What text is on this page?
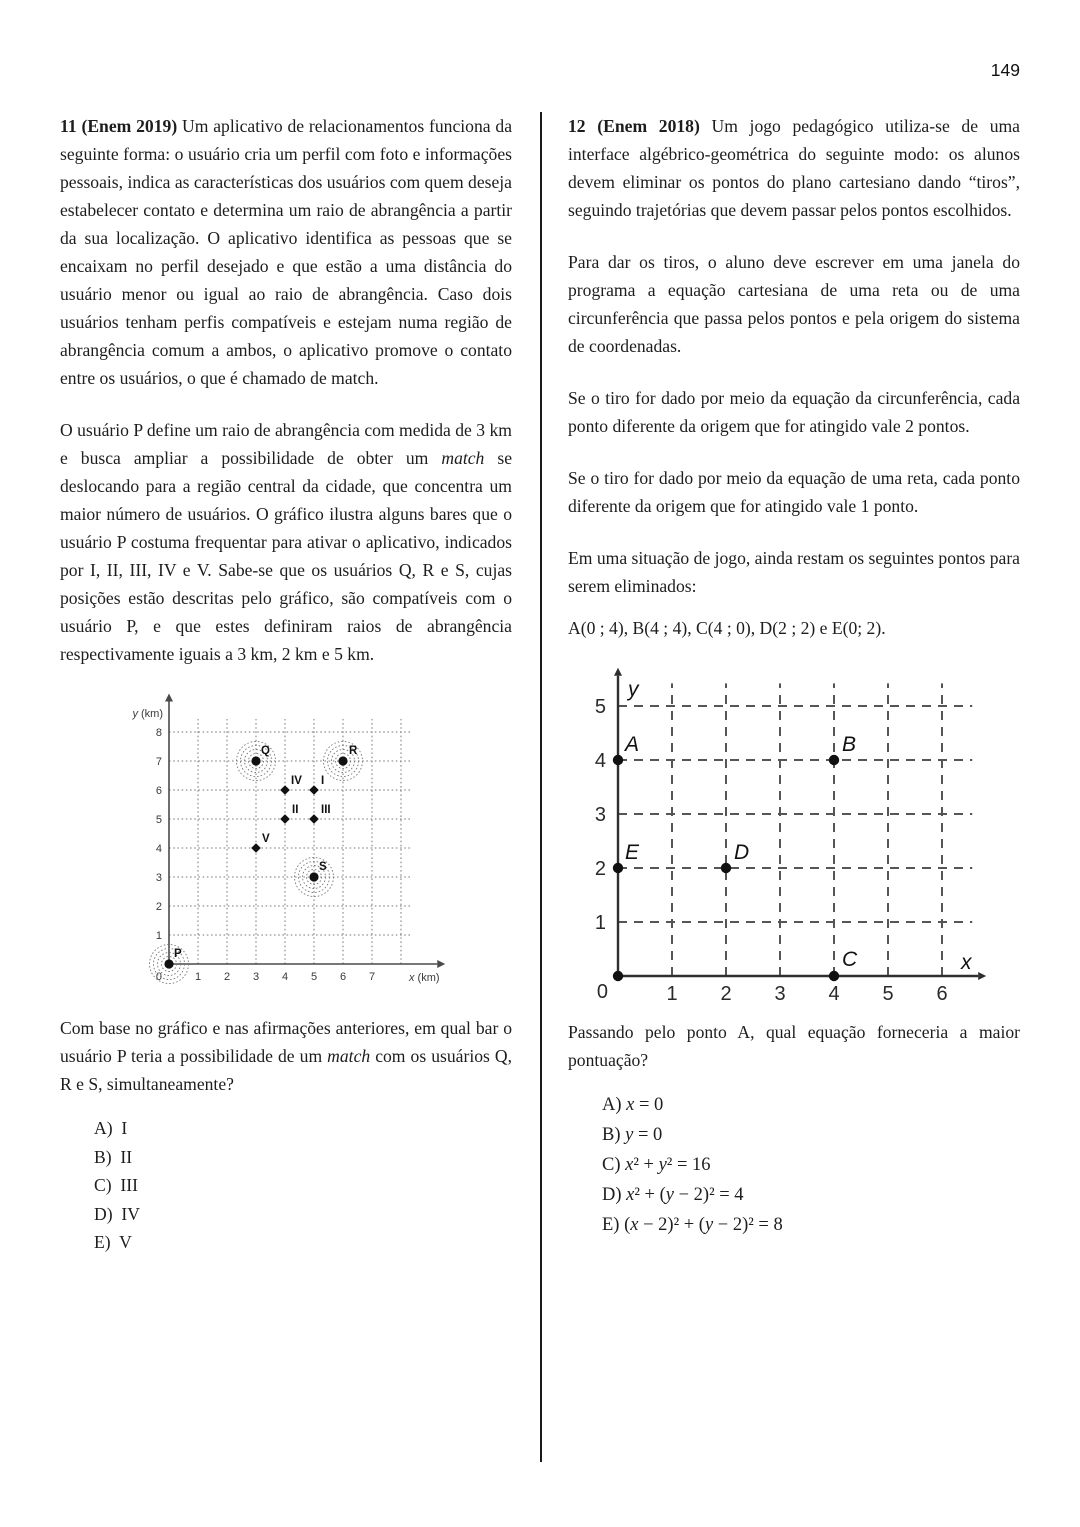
149

11 (Enem 2019) Um aplicativo de relacionamentos funciona da seguinte forma: o usuário cria um perfil com foto e informações pessoais, indica as características dos usuários com quem deseja estabelecer contato e determina um raio de abrangência a partir da sua localização. O aplicativo identifica as pessoas que se encaixam no perfil desejado e que estão a uma distância do usuário menor ou igual ao raio de abrangência. Caso dois usuários tenham perfis compatíveis e estejam numa região de abrangência comum a ambos, o aplicativo promove o contato entre os usuários, o que é chamado de match.

O usuário P define um raio de abrangência com medida de 3 km e busca ampliar a possibilidade de obter um match se deslocando para a região central da cidade, que concentra um maior número de usuários. O gráfico ilustra alguns bares que o usuário P costuma frequentar para ativar o aplicativo, indicados por I, II, III, IV e V. Sabe-se que os usuários Q, R e S, cujas posições estão descritas pelo gráfico, são compatíveis com o usuário P, e que estes definiram raios de abrangência respectivamente iguais a 3 km, 2 km e 5 km.

1 2 3 4 5 6 7
1
2
3
4
5
6
7
8
0	x (km)
y (km)
P
Q	R
S
I
II III
IV
V

Com base no gráfico e nas afirmações anteriores, em qual bar o usuário P teria a possibilidade de um match com os usuários Q, R e S, simultaneamente?

A)  I
B)  II
C)  III
D)  IV
E)  V

12 (Enem 2018) Um jogo pedagógico utiliza-se de uma interface algébrico-geométrica do seguinte modo: os alunos devem eliminar os pontos do plano cartesiano dando “tiros”, seguindo trajetórias que devem passar pelos pontos escolhidos.

Para dar os tiros, o aluno deve escrever em uma janela do programa a equação cartesiana de uma reta ou de uma circunferência que passa pelos pontos e pela origem do sistema de coordenadas.

Se o tiro for dado por meio da equação da circunferência, cada ponto diferente da origem que for atingido vale 2 pontos.

Se o tiro for dado por meio da equação de uma reta, cada ponto diferente da origem que for atingido vale 1 ponto.

Em uma situação de jogo, ainda restam os seguintes pontos para serem eliminados:

A(0 ; 4), B(4 ; 4), C(4 ; 0), D(2 ; 2) e E(0; 2).

1 2 3 4 5 6
1
2
3
4
5
0
x
y
A	B
C
D
E

Passando pelo ponto A, qual equação forneceria a maior pontuação?

A) x = 0
B) y = 0
C) x² + y² = 16
D) x² + (y − 2)² = 4
E) (x − 2)² + (y − 2)² = 8
